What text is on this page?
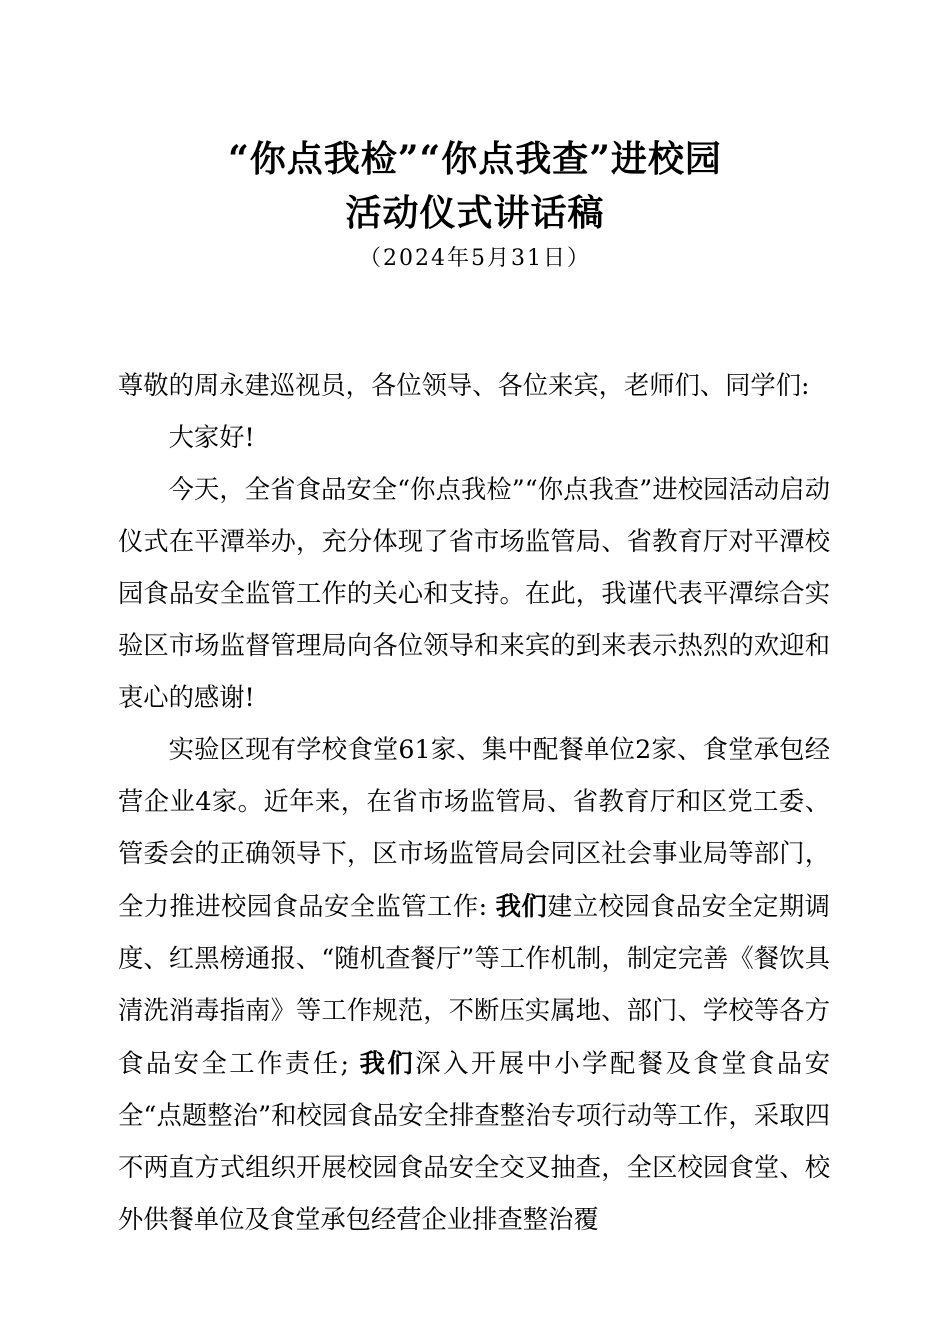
“你点我检”“你点我查”进校园
活动仪式讲话稿
（2024年5月31日）

尊敬的周永建巡视员，各位领导、各位来宾，老师们、同学们:

大家好!

今天，全省食品安全“你点我检”“你点我查”进校园活动启动仪式在平潭举办，充分体现了省市场监管局、省教育厅对平潭校园食品安全监管工作的关心和支持。在此，我谨代表平潭综合实验区市场监督管理局向各位领导和来宾的到来表示热烈的欢迎和衷心的感谢!

实验区现有学校食堂61家、集中配餐单位2家、食堂承包经营企业4家。近年来，在省市场监管局、省教育厅和区党工委、管委会的正确领导下，区市场监管局会同区社会事业局等部门，全力推进校园食品安全监管工作: 我们建立校园食品安全定期调度、红黑榜通报、“随机查餐厅”等工作机制，制定完善《餐饮具清洗消毒指南》等工作规范，不断压实属地、部门、学校等各方食品安全工作责任; 我们深入开展中小学配餐及食堂食品安全“点题整治”和校园食品安全排查整治专项行动等工作，采取四不两直方式组织开展校园食品安全交叉抽查，全区校园食堂、校外供餐单位及食堂承包经营企业排查整治覆
